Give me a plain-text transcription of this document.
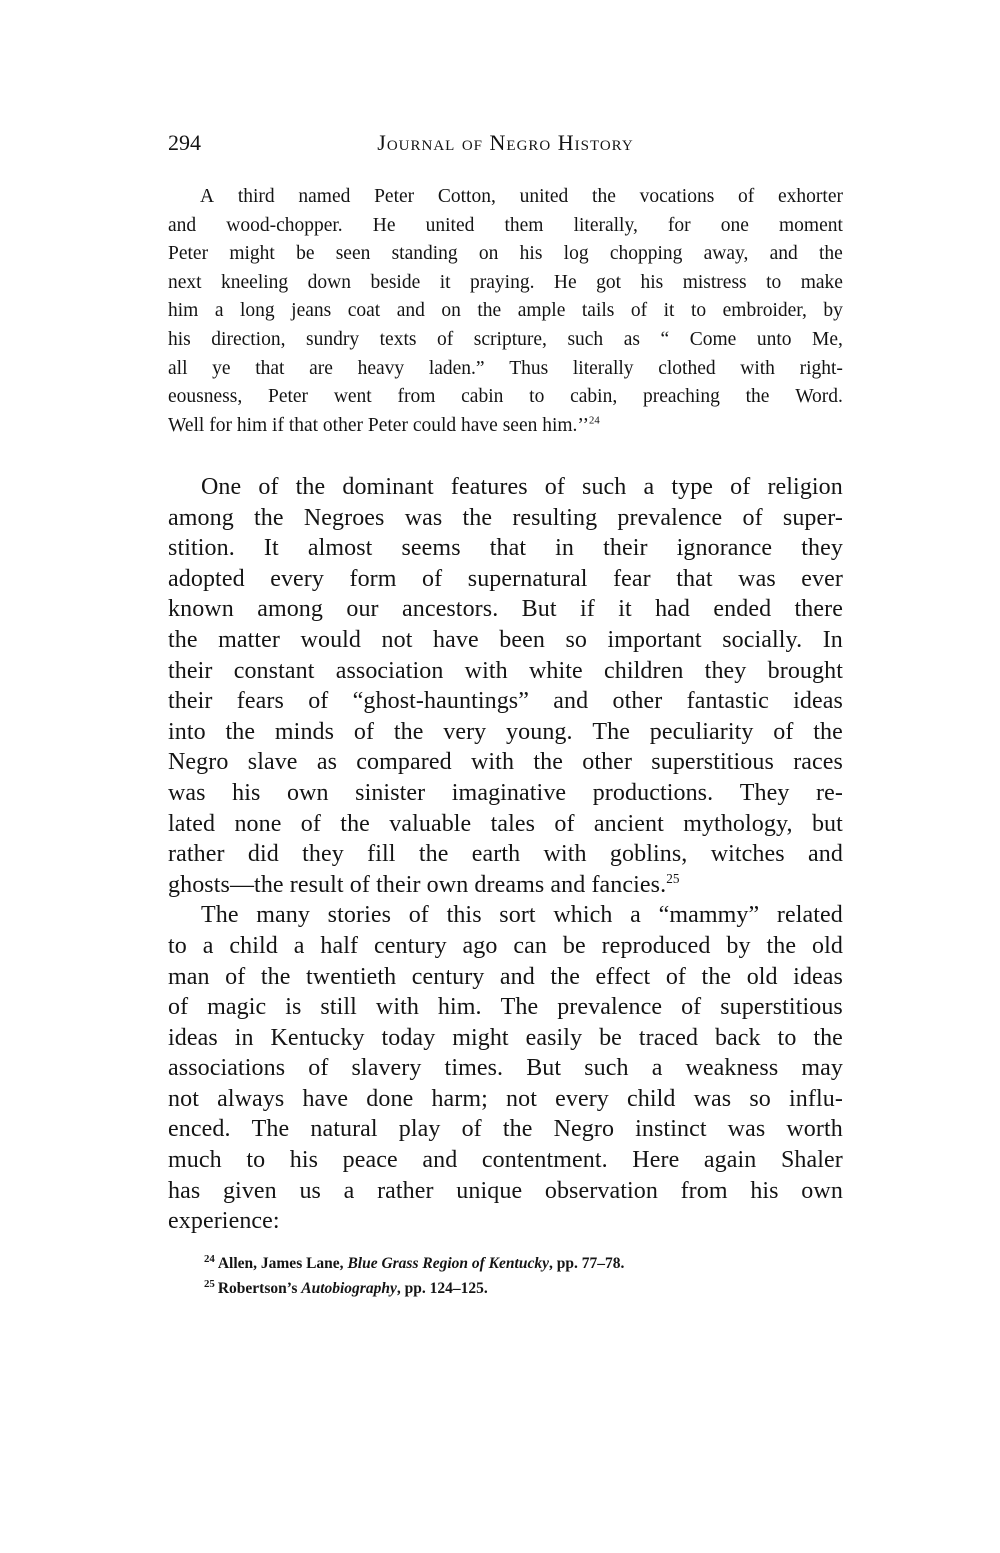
294	Journal of Negro History

A third named Peter Cotton, united the vocations of exhorter
and wood-chopper. He united them literally, for one moment
Peter might be seen standing on his log chopping away, and the
next kneeling down beside it praying. He got his mistress to make
him a long jeans coat and on the ample tails of it to embroider, by
his direction, sundry texts of scripture, such as “ Come unto Me,
all ye that are heavy laden.” Thus literally clothed with right-
eousness, Peter went from cabin to cabin, preaching the Word.
Well for him if that other Peter could have seen him.’’$^{24}$

One of the dominant features of such a type of religion
among the Negroes was the resulting prevalence of super-
stition. It almost seems that in their ignorance they
adopted every form of supernatural fear that was ever
known among our ancestors. But if it had ended there
the matter would not have been so important socially. In
their constant association with white children they brought
their fears of “ghost-hauntings” and other fantastic ideas
into the minds of the very young. The peculiarity of the
Negro slave as compared with the other superstitious races
was his own sinister imaginative productions. They re-
lated none of the valuable tales of ancient mythology, but
rather did they fill the earth with goblins, witches and
ghosts—the result of their own dreams and fancies.$^{25}$

The many stories of this sort which a “mammy” related
to a child a half century ago can be reproduced by the old
man of the twentieth century and the effect of the old ideas
of magic is still with him. The prevalence of superstitious
ideas in Kentucky today might easily be traced back to the
associations of slavery times. But such a weakness may
not always have done harm; not every child was so influ-
enced. The natural play of the Negro instinct was worth
much to his peace and contentment. Here again Shaler
has given us a rather unique observation from his own
experience:

$^{24}$ Allen, James Lane, Blue Grass Region of Kentucky, pp. 77–78.

$^{25}$ Robertson’s Autobiography, pp. 124–125.
